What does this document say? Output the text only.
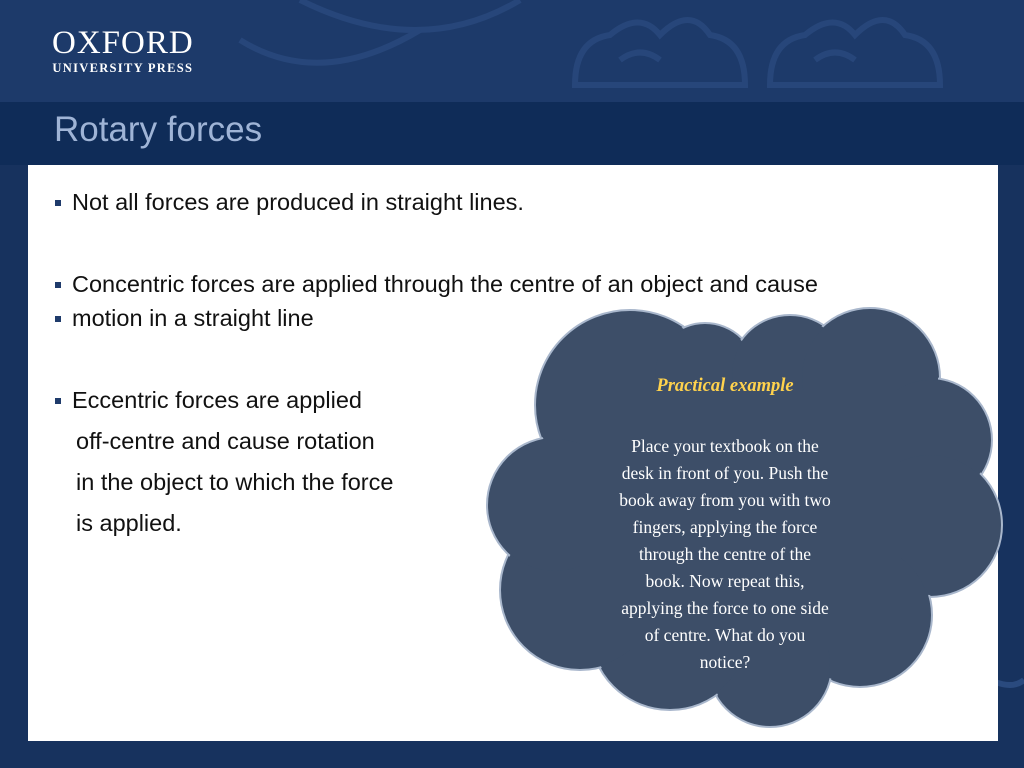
OXFORD
UNIVERSITY PRESS
Rotary forces

Not all forces are produced in straight lines.

Concentric forces are applied through the centre of an object and cause

motion in a straight line

Eccentric forces are applied

off-centre and cause rotation

in the object to which the force

is applied.

Practical example
Place your textbook on the
desk in front of you. Push the
book away from you with two
fingers, applying the force
through the centre of the
book. Now repeat this,
applying the force to one side
of centre. What do you
notice?
